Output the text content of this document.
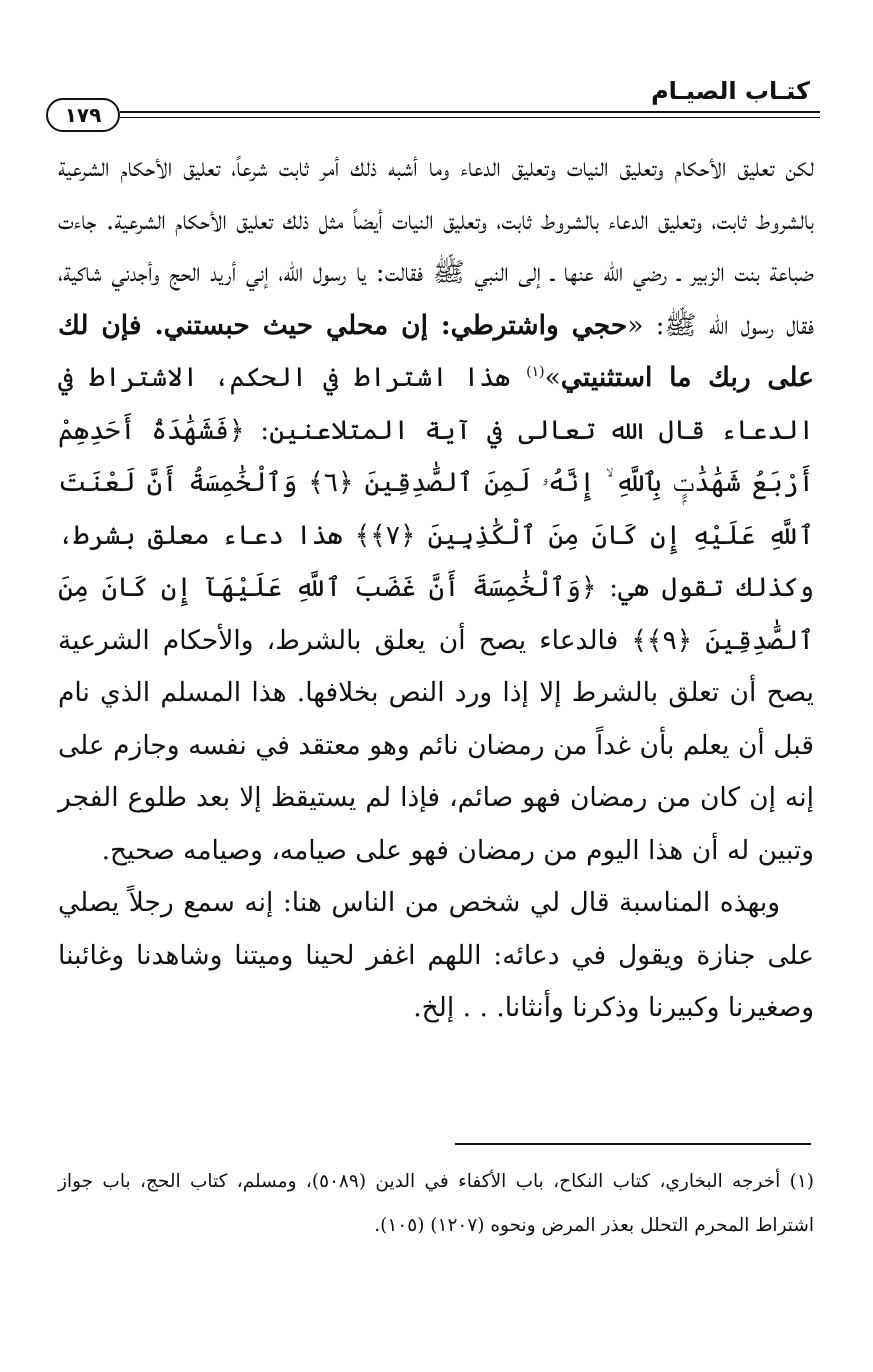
كتـاب الصيـام
١٧٩

لكن تعليق الأحكام وتعليق النيات وتعليق الدعاء وما أشبه ذلك أمر ثابت شرعاً، تعليق الأحكام الشرعية بالشروط ثابت، وتعليق الدعاء بالشروط ثابت، وتعليق النيات أيضاً مثل ذلك تعليق الأحكام الشرعية. جاءت ضباعة بنت الزبير ـ رضي الله عنها ـ إلى النبي ﷺ فقالت: يا رسول الله، إني أريد الحج وأجدني شاكية، فقال رسول الله ﷺ: «حجي واشترطي: إن محلي حيث حبستني. فإن لك على ربك ما استثنيتي»$^{(١)}$ هذا اشتراط في الحكم، الاشتراط في الدعاء قال الله تعالى في آية المتلاعنين: ﴿فَشَهَٰدَةُ أَحَدِهِمْ أَرْبَعُ شَهَٰدَٰتٍۭ بِٱللَّهِ ۙ إِنَّهُۥ لَمِنَ ٱلصَّٰدِقِينَ ﴿٦﴾ وَٱلْخَٰمِسَةُ أَنَّ لَعْنَتَ ٱللَّهِ عَلَيْهِ إِن كَانَ مِنَ ٱلْكَٰذِبِينَ ﴿٧﴾﴾ هذا دعاء معلق بشرط، وكذلك تقول هي: ﴿وَٱلْخَٰمِسَةَ أَنَّ غَضَبَ ٱللَّهِ عَلَيْهَآ إِن كَانَ مِنَ ٱلصَّٰدِقِينَ ﴿٩﴾﴾ فالدعاء يصح أن يعلق بالشرط، والأحكام الشرعية يصح أن تعلق بالشرط إلا إذا ورد النص بخلافها. هذا المسلم الذي نام قبل أن يعلم بأن غداً من رمضان نائم وهو معتقد في نفسه وجازم على إنه إن كان من رمضان فهو صائم، فإذا لم يستيقظ إلا بعد طلوع الفجر وتبين له أن هذا اليوم من رمضان فهو على صيامه، وصيامه صحيح.

وبهذه المناسبة قال لي شخص من الناس هنا: إنه سمع رجلاً يصلي على جنازة ويقول في دعائه: اللهم اغفر لحينا وميتنا وشاهدنا وغائبنا وصغيرنا وكبيرنا وذكرنا وأنثانا. . . إلخ.

(١) أخرجه البخاري، كتاب النكاح، باب الأكفاء في الدين (٥٠٨٩)، ومسلم، كتاب الحج، باب جواز اشتراط المحرم التحلل بعذر المرض ونحوه (١٢٠٧) (١٠٥).
